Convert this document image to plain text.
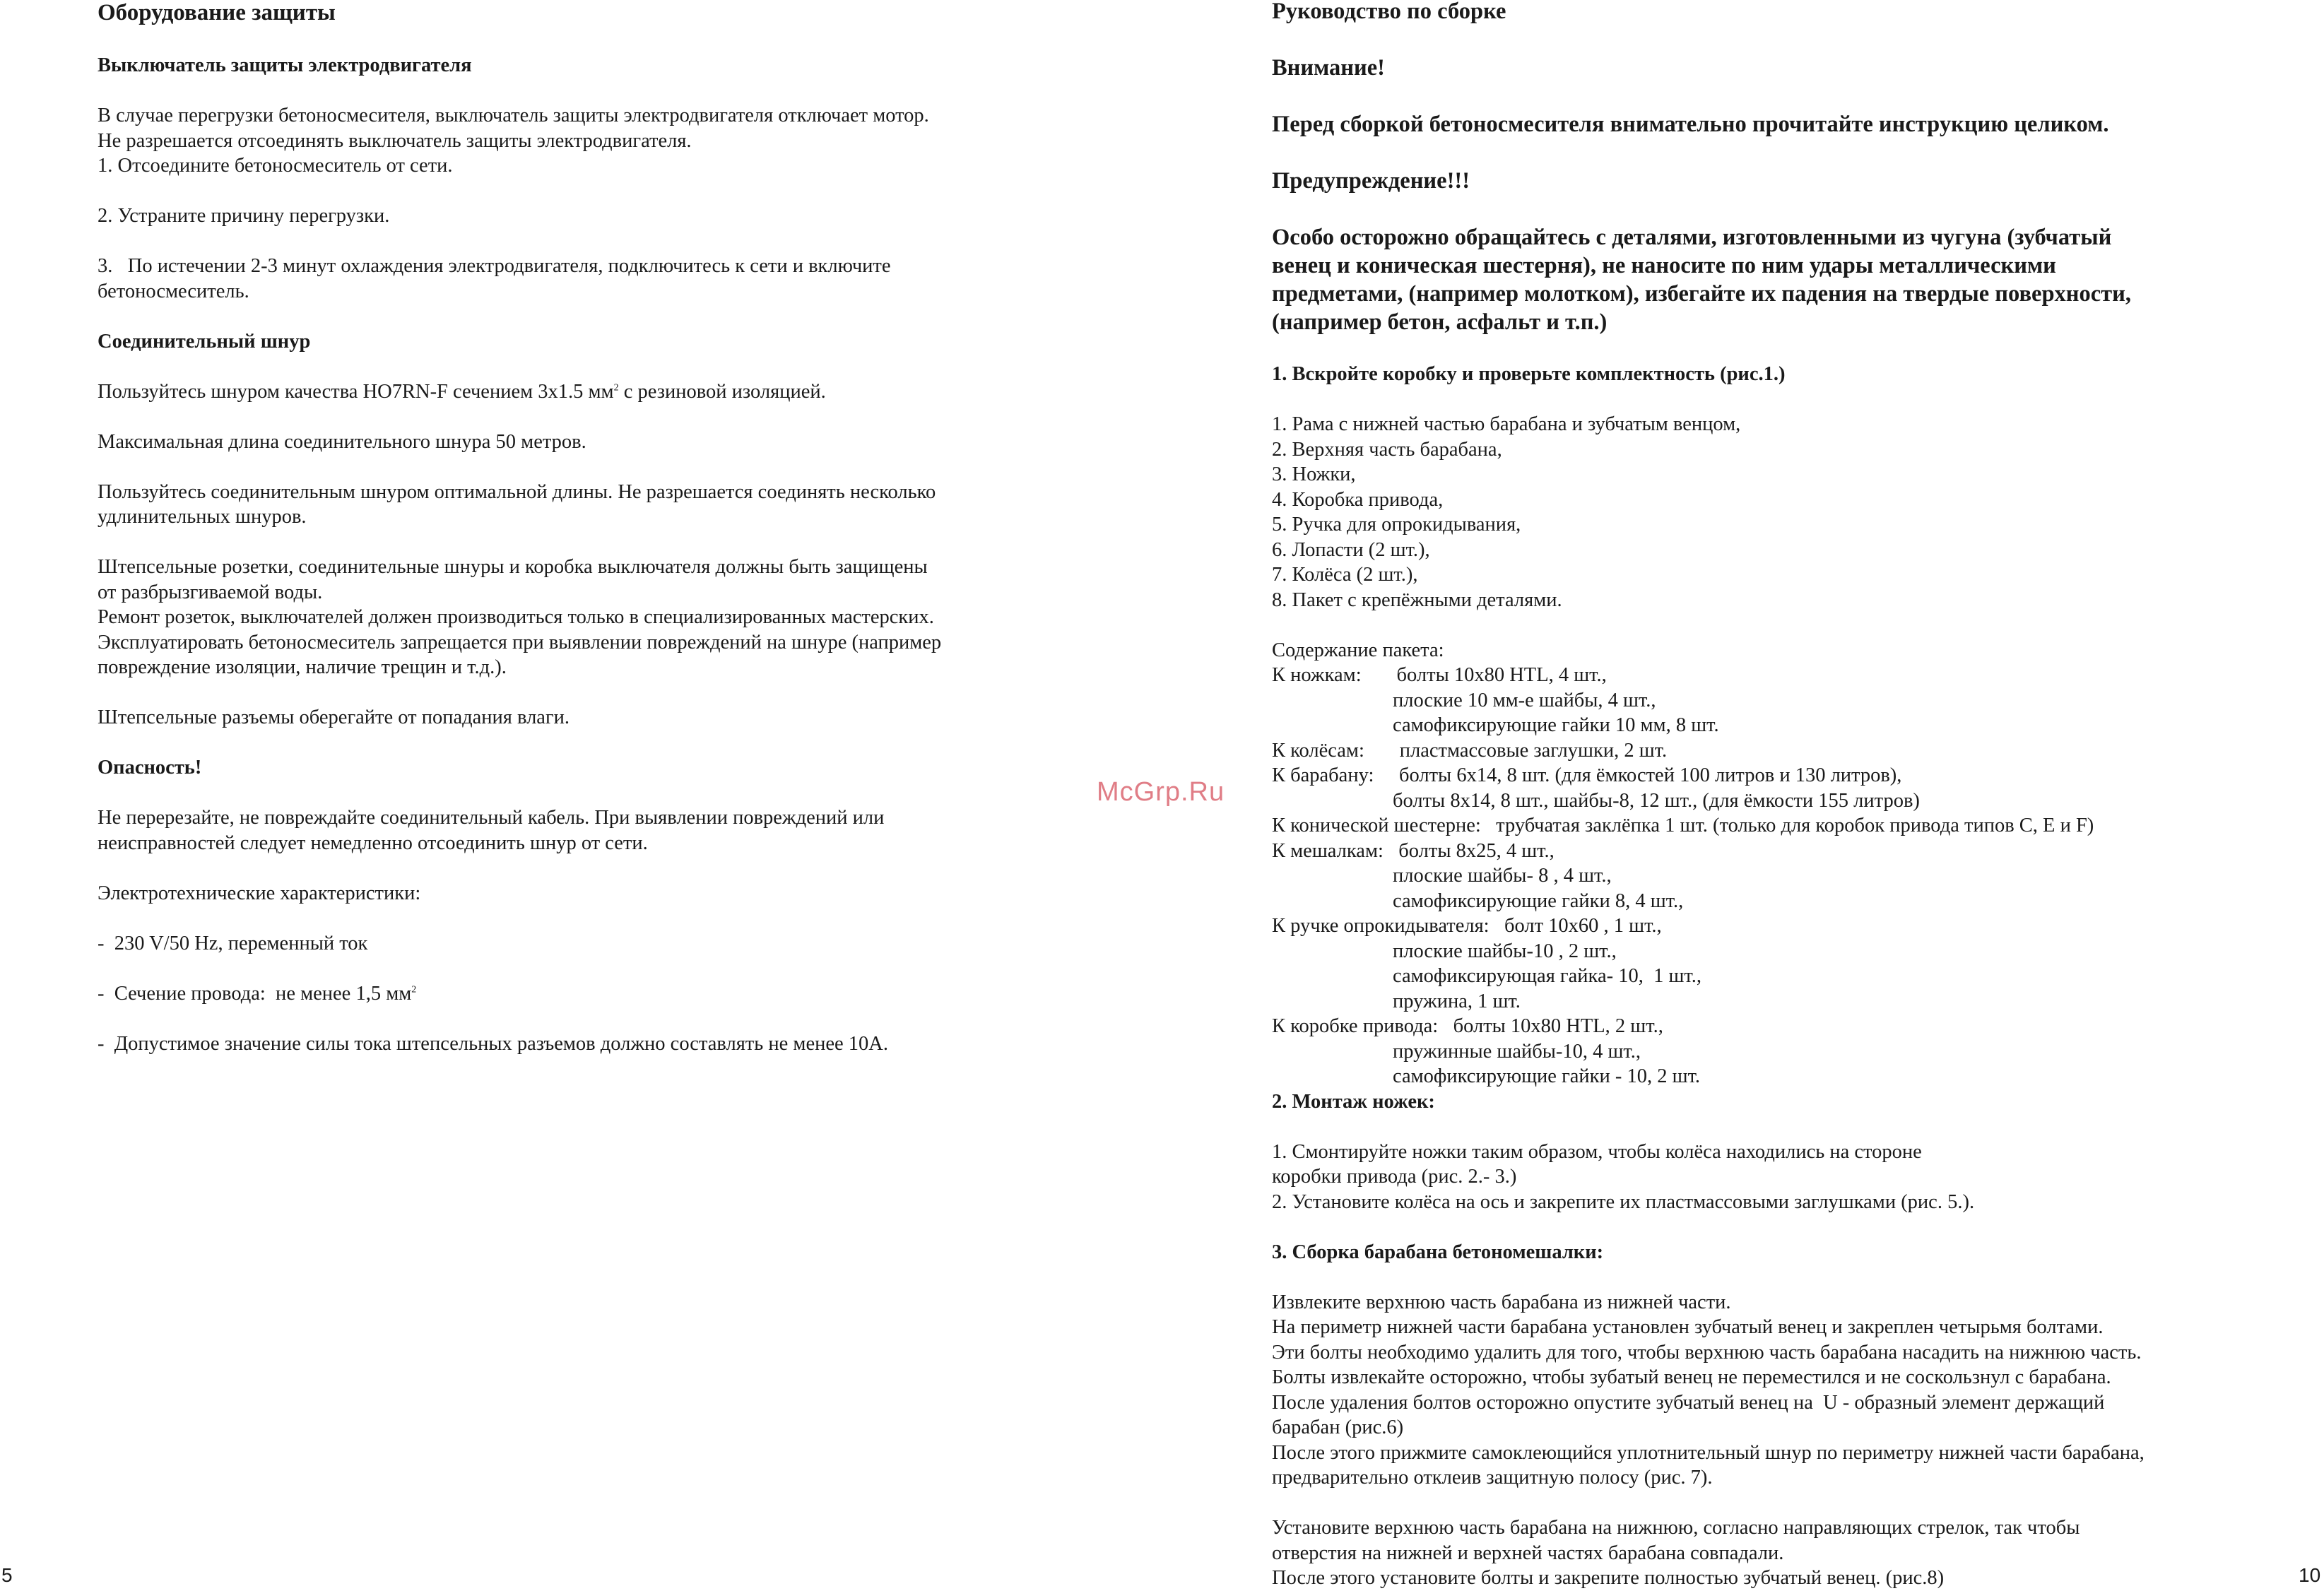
Оборудование защиты

Выключатель защиты электродвигателя

В случае перегрузки бетоносмесителя, выключатель защиты электродвигателя отключает мотор.

Не разрешается отсоединять выключатель защиты электродвигателя.

1. Отсоедините бетоносмеситель от сети.

2. Устраните причину перегрузки.

3.   По истечении 2-3 минут охлаждения электродвигателя, подключитесь к сети и включите

бетоносмеситель.

Соединительный шнур

Пользуйтесь шнуром качества HO7RN-F сечением 3х1.5 $мм^2$ с резиновой изоляцией.

Максимальная длина соединительного шнура 50 метров.

Пользуйтесь соединительным шнуром оптимальной длины. Не разрешается соединять несколько

удлинительных шнуров.

Штепсельные розетки, соединительные шнуры и коробка выключателя должны быть защищены

от разбрызгиваемой воды.

Ремонт розеток, выключателей должен производиться только в специализированных мастерских.

Эксплуатировать бетоносмеситель запрещается при выявлении повреждений на шнуре (например

повреждение изоляции, наличие трещин и т.д.).

Штепсельные разъемы оберегайте от попадания влаги.

Опасность!

Не перерезайте, не повреждайте соединительный кабель. При выявлении повреждений или

неисправностей следует немедленно отсоединить шнур от сети.

Электротехнические характеристики:

-  230 V/50 Hz, переменный ток

-  Сечение провода:  не менее 1,5 $мм^2$

-  Допустимое значение силы тока штепсельных разъемов должно составлять не менее 10А.

Руководство по сборке

Внимание!

Перед сборкой бетоносмесителя внимательно прочитайте инструкцию целиком.

Предупреждение!!!

Особо осторожно обращайтесь с деталями, изготовленными из чугуна (зубчатый

венец и коническая шестерня), не наносите по ним удары металлическими

предметами, (например молотком), избегайте их падения на твердые поверхности,

(например бетон, асфальт и т.п.)

1. Вскройте коробку и проверьте комплектность (рис.1.)

1. Рама с нижней частью барабана и зубчатым венцом,

2. Верхняя часть барабана,

3. Ножки,

4. Коробка привода,

5. Ручка для опрокидывания,

6. Лопасти (2 шт.),

7. Колёса (2 шт.),

8. Пакет с крепёжными деталями.

Содержание пакета:

К ножкам:       болты 10х80 HTL, 4 шт.,

плоские 10 мм-е шайбы, 4 шт.,

самофиксирующие гайки 10 мм, 8 шт.

К колёсам:       пластмассовые заглушки, 2 шт.

К барабану:     болты 6х14, 8 шт. (для ёмкостей 100 литров и 130 литров),

болты 8х14, 8 шт., шайбы-8, 12 шт., (для ёмкости 155 литров)

К конической шестерне:   трубчатая заклёпка 1 шт. (только для коробок привода типов C, E и F)

К мешалкам:   болты 8х25, 4 шт.,

плоские шайбы- 8 , 4 шт.,

самофиксирующие гайки 8, 4 шт.,

К ручке опрокидывателя:   болт 10х60 , 1 шт.,

плоские шайбы-10 , 2 шт.,

самофиксирующая гайка- 10,  1 шт.,

пружина, 1 шт.

К коробке привода:   болты 10х80 HTL, 2 шт.,

пружинные шайбы-10, 4 шт.,

самофиксирующие гайки - 10, 2 шт.

2. Монтаж ножек:

1. Смонтируйте ножки таким образом, чтобы колёса находились на стороне

коробки привода (рис. 2.- 3.)

2. Установите колёса на ось и закрепите их пластмассовыми заглушками (рис. 5.).

3. Сборка барабана бетономешалки:

Извлеките верхнюю часть барабана из нижней части.

На периметр нижней части барабана установлен зубчатый венец и закреплен четырьмя болтами.

Эти болты необходимо удалить для того, чтобы верхнюю часть барабана насадить на нижнюю часть.

Болты извлекайте осторожно, чтобы зубатый венец не переместился и не соскользнул с барабана.

После удаления болтов осторожно опустите зубчатый венец на  U - образный элемент держащий

барабан (рис.6)

После этого прижмите самоклеющийся уплотнительный шнур по периметру нижней части барабана,

предварительно отклеив защитную полосу (рис. 7).

Установите верхнюю часть барабана на нижнюю, согласно направляющих стрелок, так чтобы

отверстия на нижней и верхней частях барабана совпадали.

После этого установите болты и закрепите полностью зубчатый венец. (рис.8)

5	10
McGrp.Ru
